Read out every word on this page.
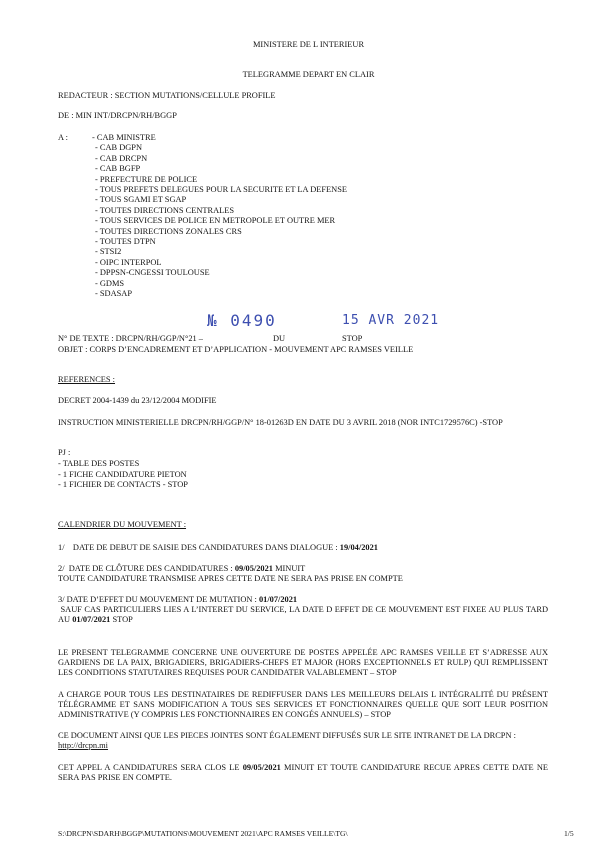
MINISTERE DE L INTERIEUR
TELEGRAMME DEPART EN CLAIR
REDACTEUR : SECTION MUTATIONS/CELLULE PROFILE
DE : MIN INT/DRCPN/RH/BGGP
A :	- CAB MINISTRE
- CAB DGPN
- CAB DRCPN
- CAB BGFP
- PREFECTURE DE POLICE
- TOUS PREFETS DELEGUES POUR LA SECURITE ET LA DEFENSE
- TOUS SGAMI ET SGAP
- TOUTES DIRECTIONS CENTRALES
- TOUS SERVICES DE POLICE EN METROPOLE ET OUTRE MER
- TOUTES DIRECTIONS ZONALES CRS
- TOUTES DTPN
- STSI2
- OIPC INTERPOL
- DPPSN-CNGESSI TOULOUSE
- GDMS
- SDASAP
№ 0490	15 AVR 2021
N° DE TEXTE : DRCPN/RH/GGP/N°21 –	DU	STOP
OBJET : CORPS D’ENCADREMENT ET D’APPLICATION - MOUVEMENT APC RAMSES VEILLE
REFERENCES :
DECRET 2004-1439 du 23/12/2004 MODIFIE
INSTRUCTION MINISTERIELLE DRCPN/RH/GGP/N° 18-01263D EN DATE DU 3 AVRIL 2018 (NOR INTC1729576C) -STOP
PJ :
- TABLE DES POSTES
- 1 FICHE CANDIDATURE PIETON
- 1 FICHIER DE CONTACTS - STOP
CALENDRIER DU MOUVEMENT :
1/    DATE DE DEBUT DE SAISIE DES CANDIDATURES DANS DIALOGUE : 19/04/2021
2/  DATE DE CLÔTURE DES CANDIDATURES : 09/05/2021 MINUIT
TOUTE CANDIDATURE TRANSMISE APRES CETTE DATE NE SERA PAS PRISE EN COMPTE
3/ DATE D’EFFET DU MOUVEMENT DE MUTATION : 01/07/2021
SAUF CAS PARTICULIERS LIES A L’INTERET DU SERVICE, LA DATE D EFFET DE CE MOUVEMENT EST FIXEE AU PLUS TARD AU 01/07/2021 STOP
LE PRESENT TELEGRAMME CONCERNE UNE OUVERTURE DE POSTES APPELÉE APC RAMSES VEILLE ET S’ADRESSE AUX GARDIENS DE LA PAIX, BRIGADIERS, BRIGADIERS-CHEFS ET MAJOR (HORS EXCEPTIONNELS ET RULP) QUI REMPLISSENT LES CONDITIONS STATUTAIRES REQUISES POUR CANDIDATER VALABLEMENT – STOP
A CHARGE POUR TOUS LES DESTINATAIRES DE REDIFFUSER DANS LES MEILLEURS DELAIS L INTÉGRALITÉ DU PRÉSENT TÉLÉGRAMME ET SANS MODIFICATION A TOUS SES SERVICES ET FONCTIONNAIRES QUELLE QUE SOIT LEUR POSITION ADMINISTRATIVE (Y COMPRIS LES FONCTIONNAIRES EN CONGÉS ANNUELS) – STOP
CE DOCUMENT AINSI QUE LES PIECES JOINTES SONT ÉGALEMENT DIFFUSÉS SUR LE SITE INTRANET DE LA DRCPN :
http://drcpn.mi
CET APPEL A CANDIDATURES SERA CLOS LE 09/05/2021 MINUIT ET TOUTE CANDIDATURE RECUE APRES CETTE DATE NE SERA PAS PRISE EN COMPTE.
S:\DRCPN\SDARH\BGGP\MUTATIONS\MOUVEMENT 2021\APC RAMSES VEILLE\TG\	1/5
